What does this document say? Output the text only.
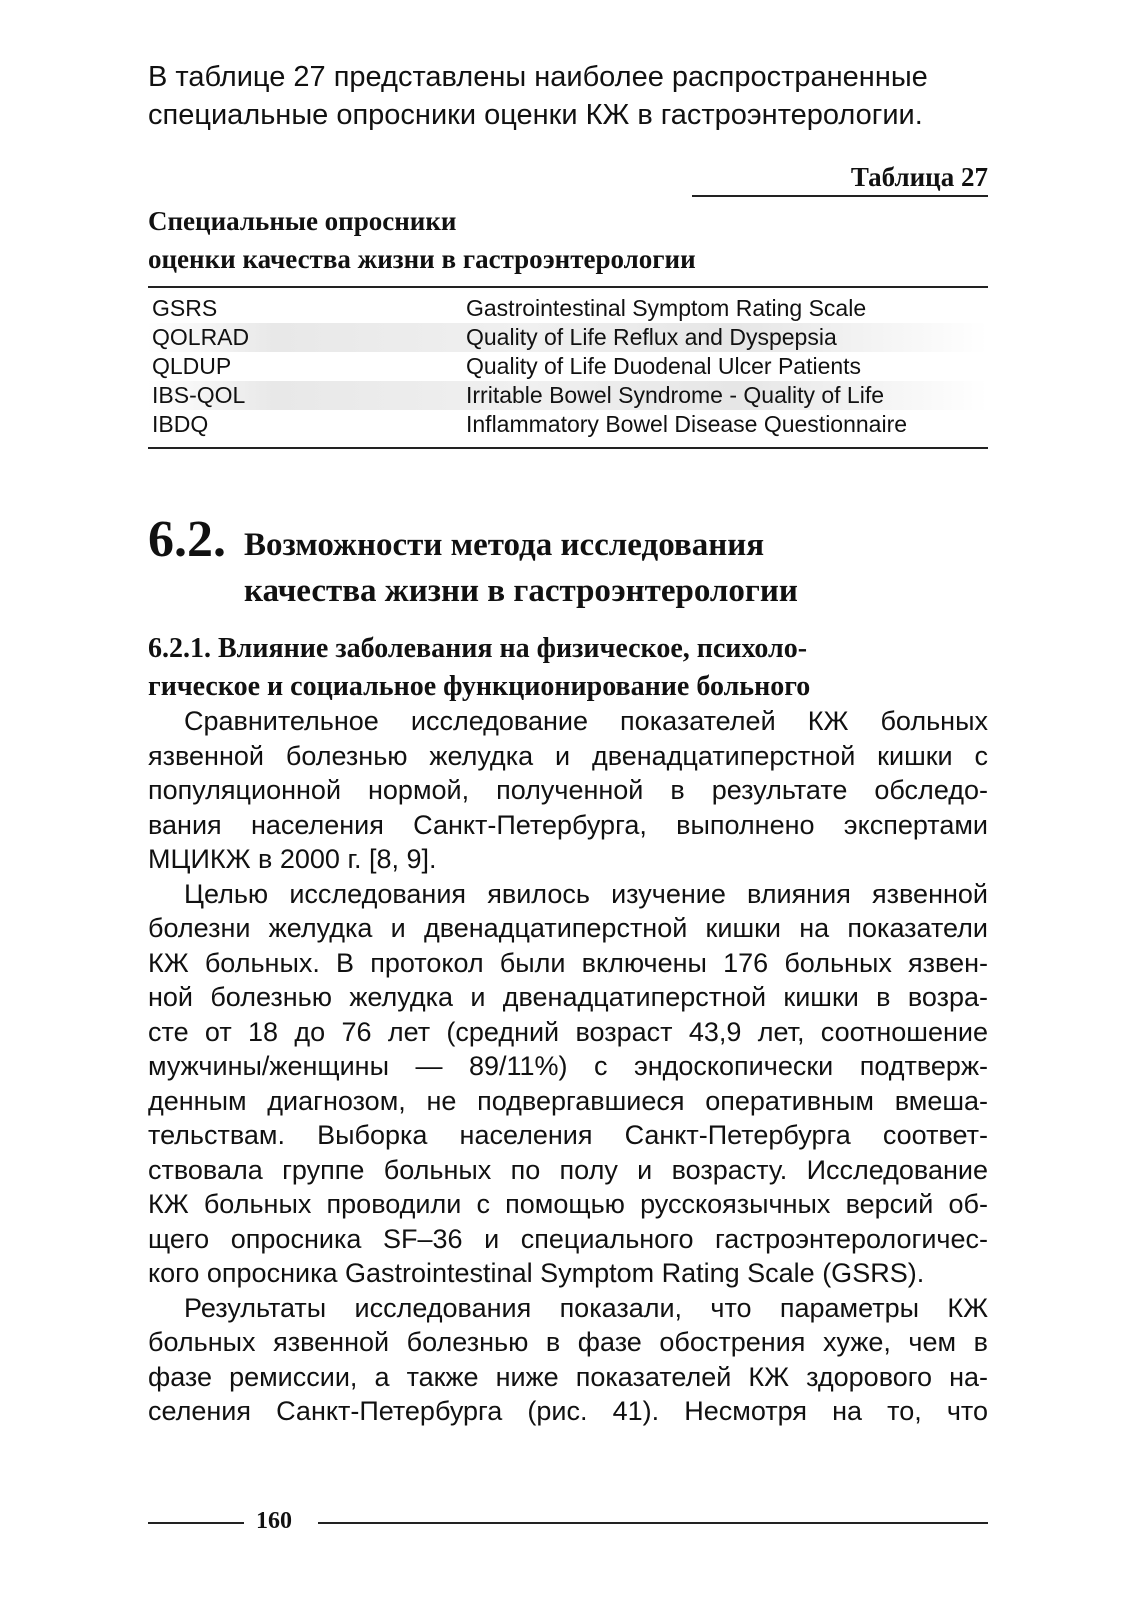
В таблице 27 представлены наиболее распространенные
специальные опросники оценки КЖ в гастроэнтерологии.
Таблица 27
Специальные опросники
оценки качества жизни в гастроэнтерологии
GSRS	Gastrointestinal Symptom Rating Scale
QOLRAD	Quality of Life Reflux and Dyspepsia
QLDUP	Quality of Life Duodenal Ulcer Patients
IBS-QOL	Irritable Bowel Syndrome - Quality of Life
IBDQ	Inflammatory Bowel Disease Questionnaire
6.2. Возможности метода исследования
качества жизни в гастроэнтерологии
6.2.1. Влияние заболевания на физическое, психоло-
гическое и социальное функционирование больного
Сравнительное исследование показателей КЖ больных
язвенной болезнью желудка и двенадцатиперстной кишки с
популяционной нормой, полученной в результате обследо-
вания населения Санкт-Петербурга, выполнено экспертами
МЦИКЖ в 2000 г. [8, 9].
Целью исследования явилось изучение влияния язвенной
болезни желудка и двенадцатиперстной кишки на показатели
КЖ больных. В протокол были включены 176 больных язвен-
ной болезнью желудка и двенадцатиперстной кишки в возра-
сте от 18 до 76 лет (средний возраст 43,9 лет, соотношение
мужчины/женщины — 89/11%) с эндоскопически подтверж-
денным диагнозом, не подвергавшиеся оперативным вмеша-
тельствам. Выборка населения Санкт-Петербурга соответ-
ствовала группе больных по полу и возрасту. Исследование
КЖ больных проводили с помощью русскоязычных версий об-
щего опросника SF–36 и специального гастроэнтерологичес-
кого опросника Gastrointestinal Symptom Rating Scale (GSRS).
Результаты исследования показали, что параметры КЖ
больных язвенной болезнью в фазе обострения хуже, чем в
фазе ремиссии, а также ниже показателей КЖ здорового на-
селения Санкт-Петербурга (рис. 41). Несмотря на то, что
160
